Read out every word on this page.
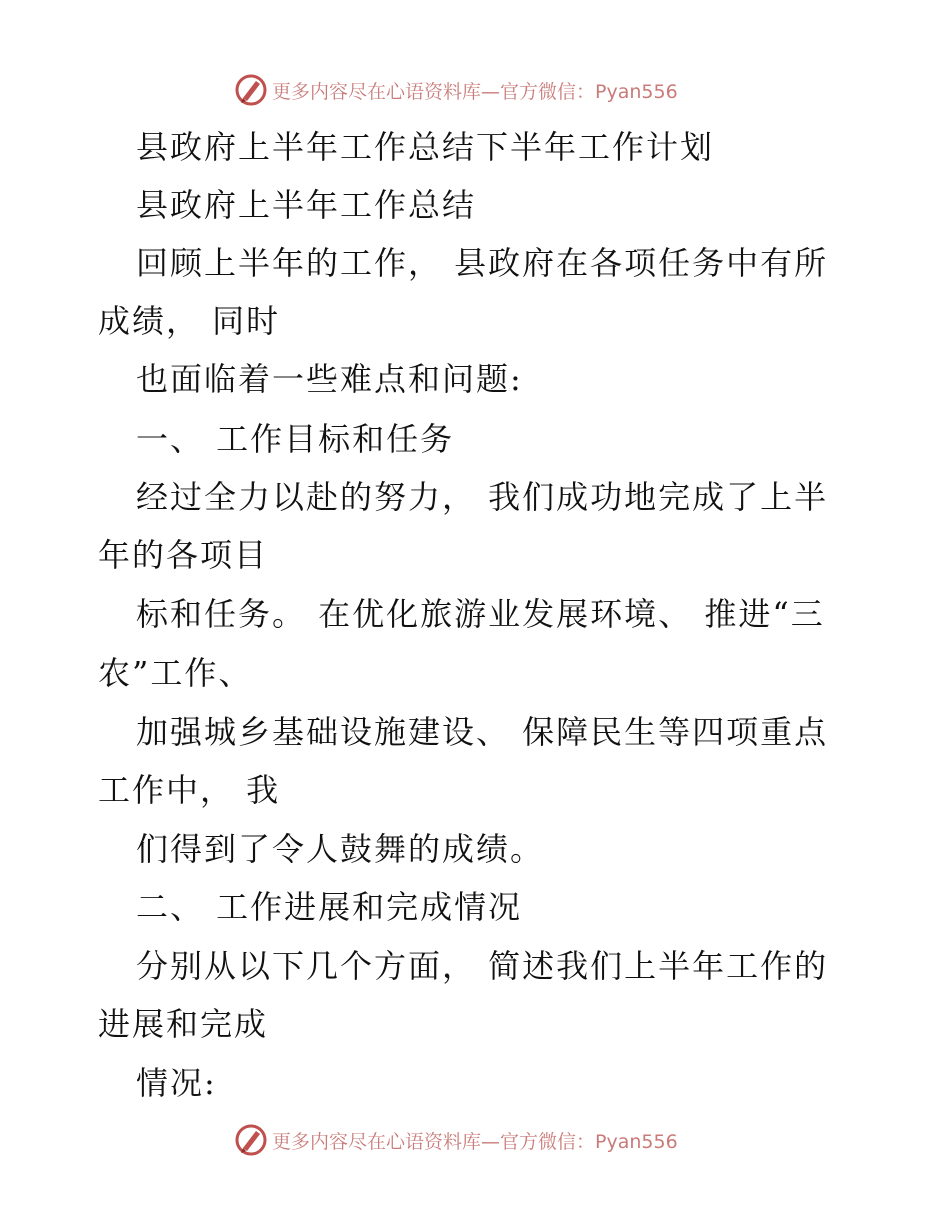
更多内容尽在心语资料库—官方微信：Pyan556
县政府上半年工作总结下半年工作计划
县政府上半年工作总结
回顾上半年的工作， 县政府在各项任务中有所
成绩， 同时
也面临着一些难点和问题:
一、 工作目标和任务
经过全力以赴的努力， 我们成功地完成了上半
年的各项目
标和任务。 在优化旅游业发展环境、 推进“三
农”工作、
加强城乡基础设施建设、 保障民生等四项重点
工作中， 我
们得到了令人鼓舞的成绩。
二、 工作进展和完成情况
分别从以下几个方面， 简述我们上半年工作的
进展和完成
情况:
更多内容尽在心语资料库—官方微信：Pyan556
